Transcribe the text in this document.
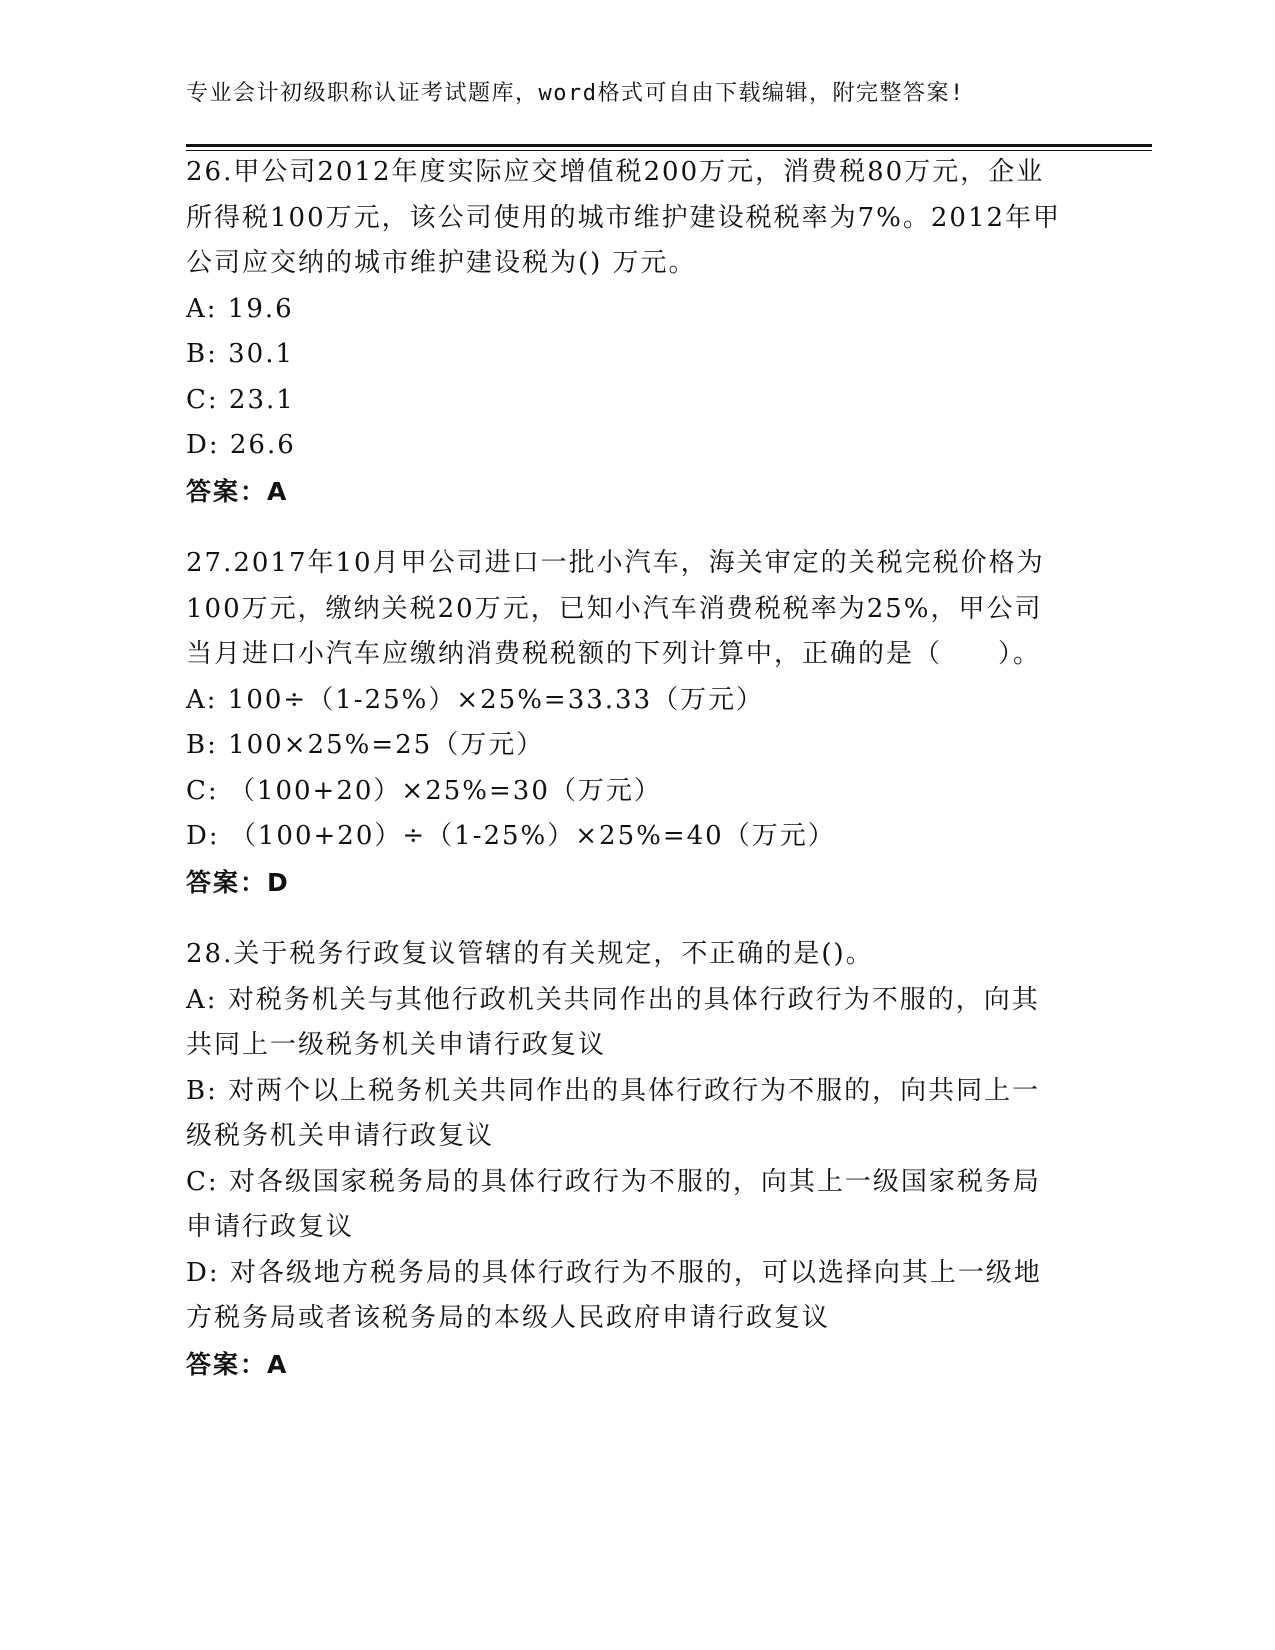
专业会计初级职称认证考试题库，word格式可自由下载编辑，附完整答案!

26.甲公司2012年度实际应交增值税200万元，消费税80万元，企业

所得税100万元，该公司使用的城市维护建设税税率为7%。2012年甲

公司应交纳的城市维护建设税为() 万元。

A: 19.6

B: 30.1

C: 23.1

D: 26.6

答案：A

27.2017年10月甲公司进口一批小汽车，海关审定的关税完税价格为

100万元，缴纳关税20万元，已知小汽车消费税税率为25%，甲公司

当月进口小汽车应缴纳消费税税额的下列计算中，正确的是（　　）。

A: 100÷（1-25%）×25%=33.33（万元）

B: 100×25%=25（万元）

C: （100+20）×25%=30（万元）

D: （100+20）÷（1-25%）×25%=40（万元）

答案：D

28.关于税务行政复议管辖的有关规定，不正确的是()。

A: 对税务机关与其他行政机关共同作出的具体行政行为不服的，向其

共同上一级税务机关申请行政复议

B: 对两个以上税务机关共同作出的具体行政行为不服的，向共同上一

级税务机关申请行政复议

C: 对各级国家税务局的具体行政行为不服的，向其上一级国家税务局

申请行政复议

D: 对各级地方税务局的具体行政行为不服的，可以选择向其上一级地

方税务局或者该税务局的本级人民政府申请行政复议

答案：A
